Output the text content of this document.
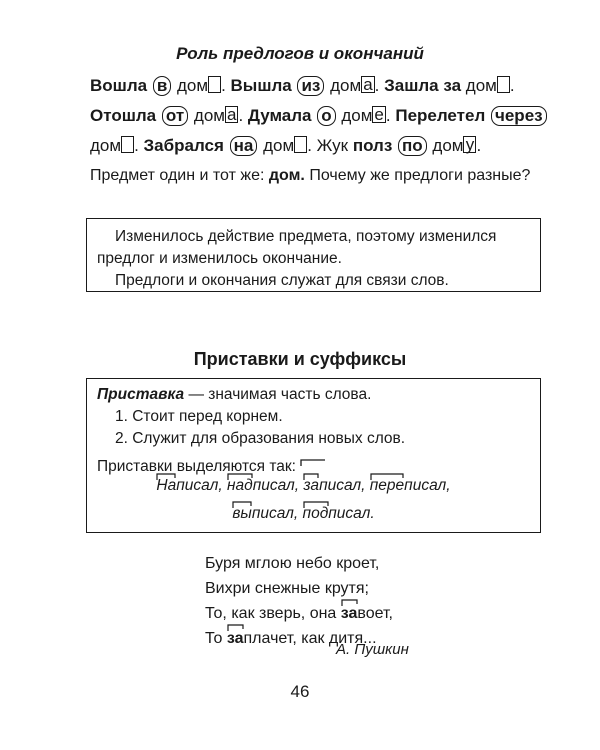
Роль предлогов и окончаний
Вошла в дом . Вышла из дом а . Зашла за дом .
Отошла от дом а . Думала о дом е . Перелетел через
дом . Забрался на дом . Жук полз по дом у .
Предмет один и тот же: дом. Почему же предлоги разные?

Изменилось действие предмета, поэтому изменился предлог и изменилось окончание.

Предлоги и окончания служат для связи слов.

Приставки и суффиксы
Приставка — значимая часть слова.
1. Стоит перед корнем.
2. Служит для образования новых слов.
Приставки выделяются так:
На
писал, над
писал, за
писал, пере
писал,
вы
писал, под
писал.
Буря мглою небо кроет,
Вихри снежные крутя;
То, как зверь, она за
воет,
То за
плачет, как дитя...
А. Пушкин
46
